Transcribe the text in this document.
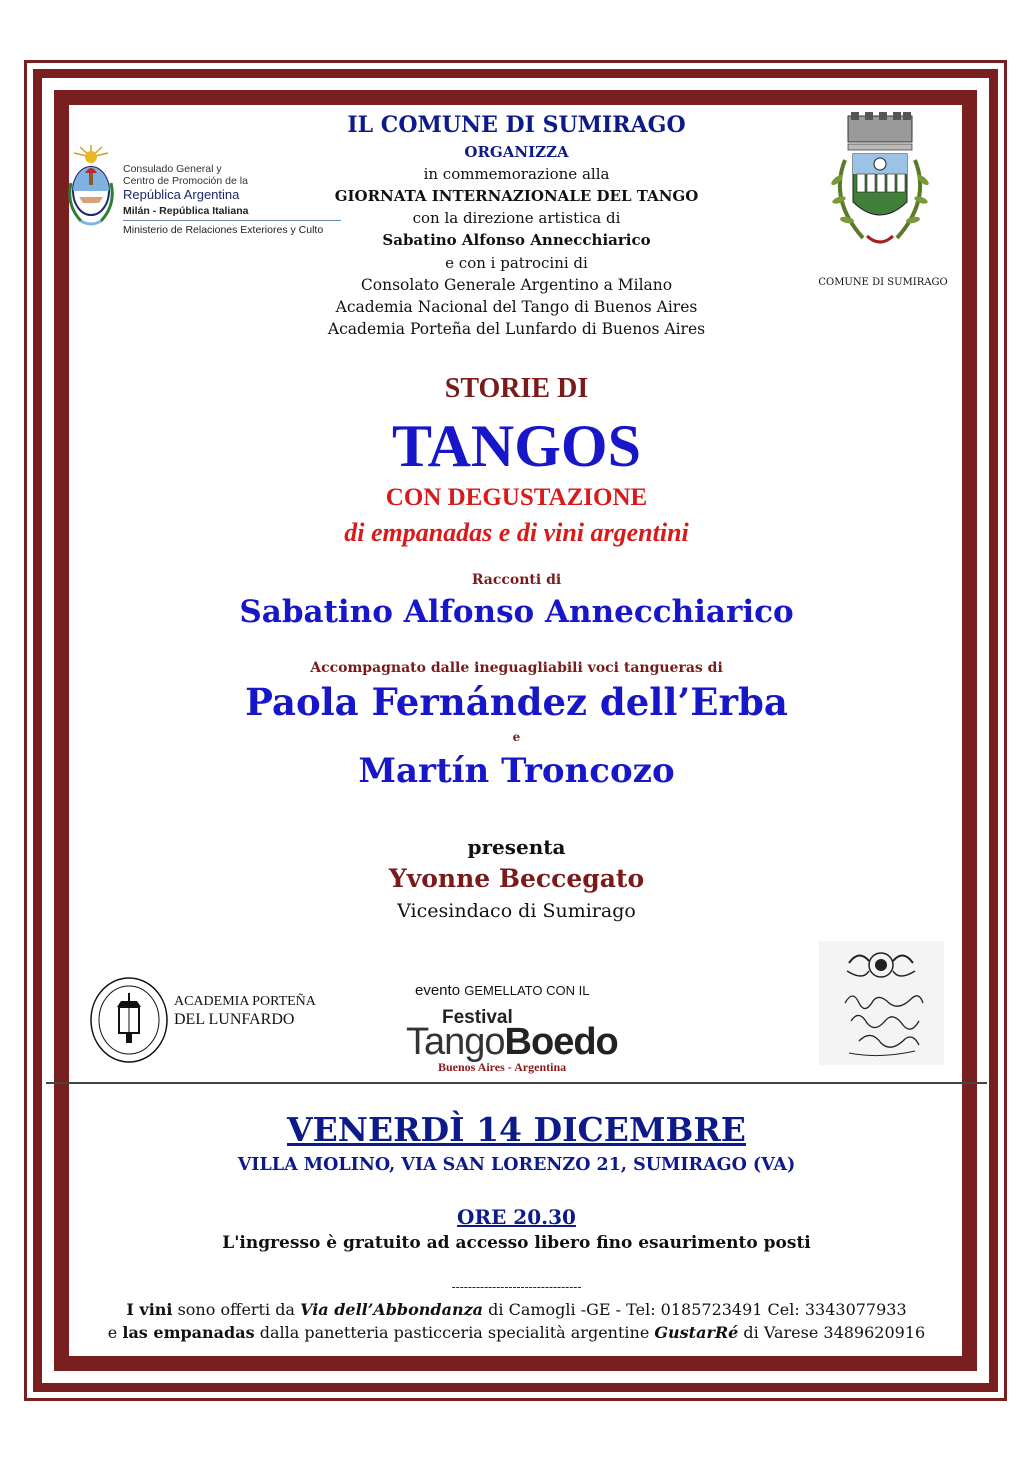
Consulado General y
Centro de Promoción de la
República Argentina
Milán - República Italiana
Ministerio de Relaciones Exteriores y Culto
COMUNE DI SUMIRAGO
IL COMUNE DI SUMIRAGO
ORGANIZZA
in commemorazione alla
GIORNATA INTERNAZIONALE DEL TANGO
con la direzione artistica di
Sabatino Alfonso Annecchiarico
e con i patrocini di
Consolato Generale Argentino a Milano
Academia Nacional del Tango di Buenos Aires
Academia Porteña del Lunfardo di Buenos Aires
STORIE DI
TANGOS
CON DEGUSTAZIONE
di empanadas e di vini argentini
Racconti di
Sabatino Alfonso Annecchiarico
Accompagnato dalle ineguagliabili voci tangueras di
Paola Fernández dell’Erba
e
Martín Troncozo
presenta
Yvonne Beccegato
Vicesindaco di Sumirago
ACADEMIA PORTEÑA
DEL LUNFARDO
evento GEMELLATO CON IL
Festival
TangoBoedo
Buenos Aires - Argentina
VENERDÌ 14 DICEMBRE
VILLA MOLINO, VIA SAN LORENZO 21, SUMIRAGO (VA)
ORE 20.30
L'ingresso è gratuito ad accesso libero fino esaurimento posti
--------------------------------
I vini sono offerti da Via dell’Abbondanza di Camogli -GE - Tel: 0185723491 Cel: 3343077933
e las empanadas dalla panetteria pasticceria specialità argentine GustarRé di Varese 3489620916
